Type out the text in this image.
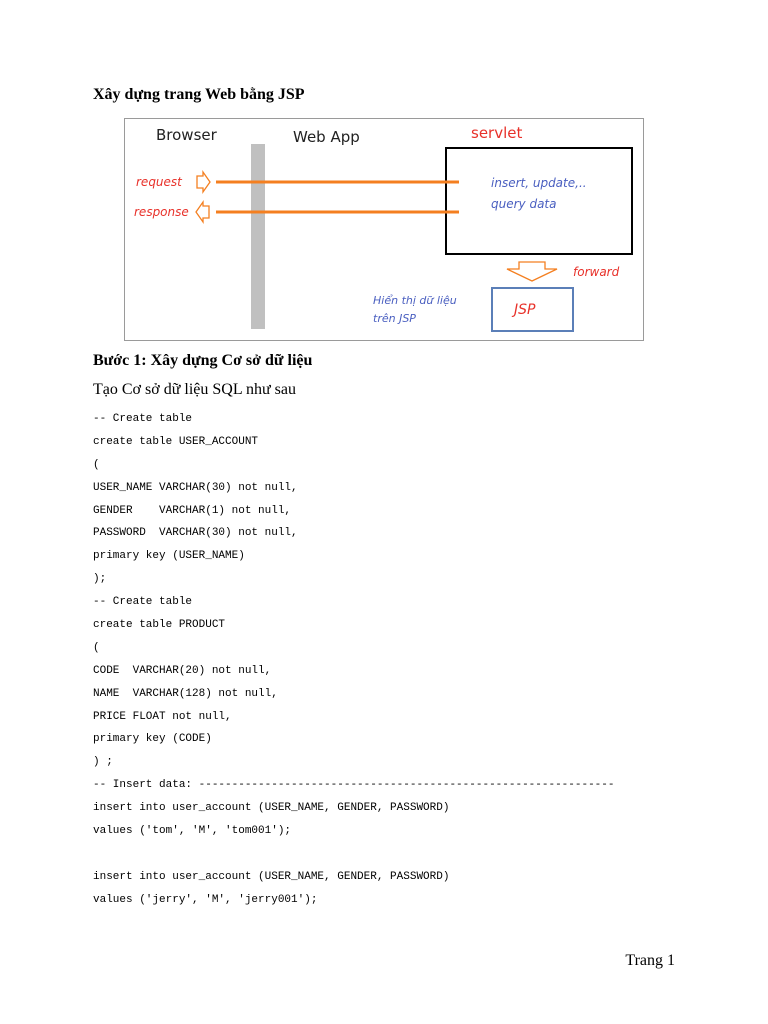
Xây dựng trang Web bằng JSP
Browser	Web App	servlet
insert, update,..
query data
request
response
forward
JSP
Hiển thị dữ liệu
trên JSP
Bước 1: Xây dựng Cơ sở dữ liệu
Tạo Cơ sở dữ liệu SQL như sau
-- Create table
create table USER_ACCOUNT
(
USER_NAME VARCHAR(30) not null,
GENDER    VARCHAR(1) not null,
PASSWORD  VARCHAR(30) not null,
primary key (USER_NAME)
);
-- Create table
create table PRODUCT
(
CODE  VARCHAR(20) not null,
NAME  VARCHAR(128) not null,
PRICE FLOAT not null,
primary key (CODE)
) ;
-- Insert data: ---------------------------------------------------------------
insert into user_account (USER_NAME, GENDER, PASSWORD)
values ('tom', 'M', 'tom001');
insert into user_account (USER_NAME, GENDER, PASSWORD)
values ('jerry', 'M', 'jerry001');
Trang 1
